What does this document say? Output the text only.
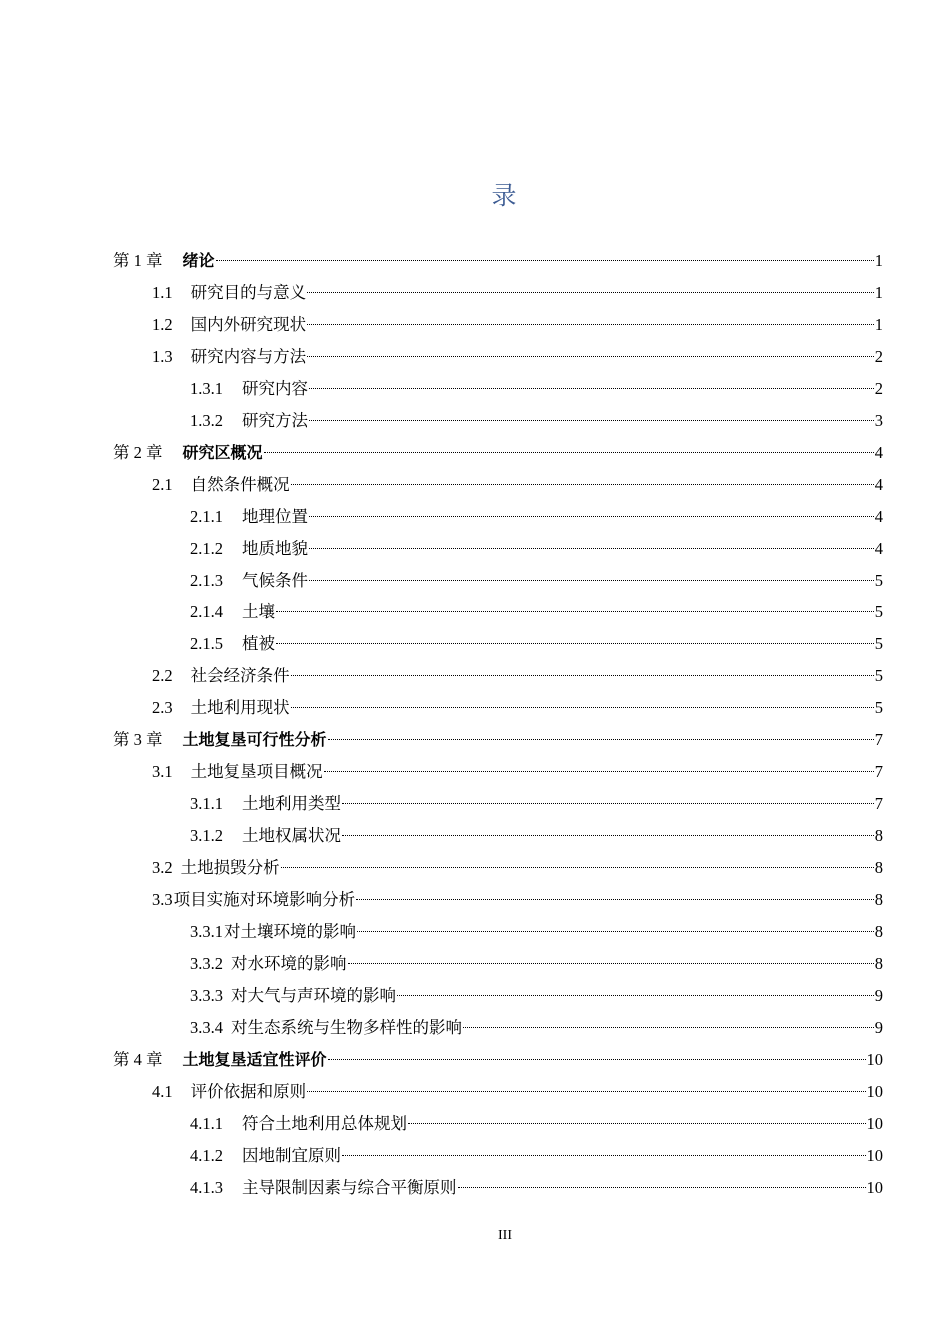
录
第 1 章 绪论	1
1.1 研究目的与意义	1
1.2 国内外研究现状	1
1.3 研究内容与方法	2
1.3.1 研究内容	2
1.3.2 研究方法	3
第 2 章 研究区概况	4
2.1 自然条件概况	4
2.1.1 地理位置	4
2.1.2 地质地貌	4
2.1.3 气候条件	5
2.1.4 土壤	5
2.1.5 植被	5
2.2 社会经济条件	5
2.3 土地利用现状	5
第 3 章 土地复垦可行性分析	7
3.1 土地复垦项目概况	7
3.1.1 土地利用类型	7
3.1.2 土地权属状况	8
3.2 土地损毁分析	8
3.3项目实施对环境影响分析	8
3.3.1对土壤环境的影响	8
3.3.2 对水环境的影响	8
3.3.3 对大气与声环境的影响	9
3.3.4 对生态系统与生物多样性的影响	9
第 4 章 土地复垦适宜性评价	10
4.1 评价依据和原则	10
4.1.1 符合土地利用总体规划	10
4.1.2 因地制宜原则	10
4.1.3 主导限制因素与综合平衡原则	10
III
